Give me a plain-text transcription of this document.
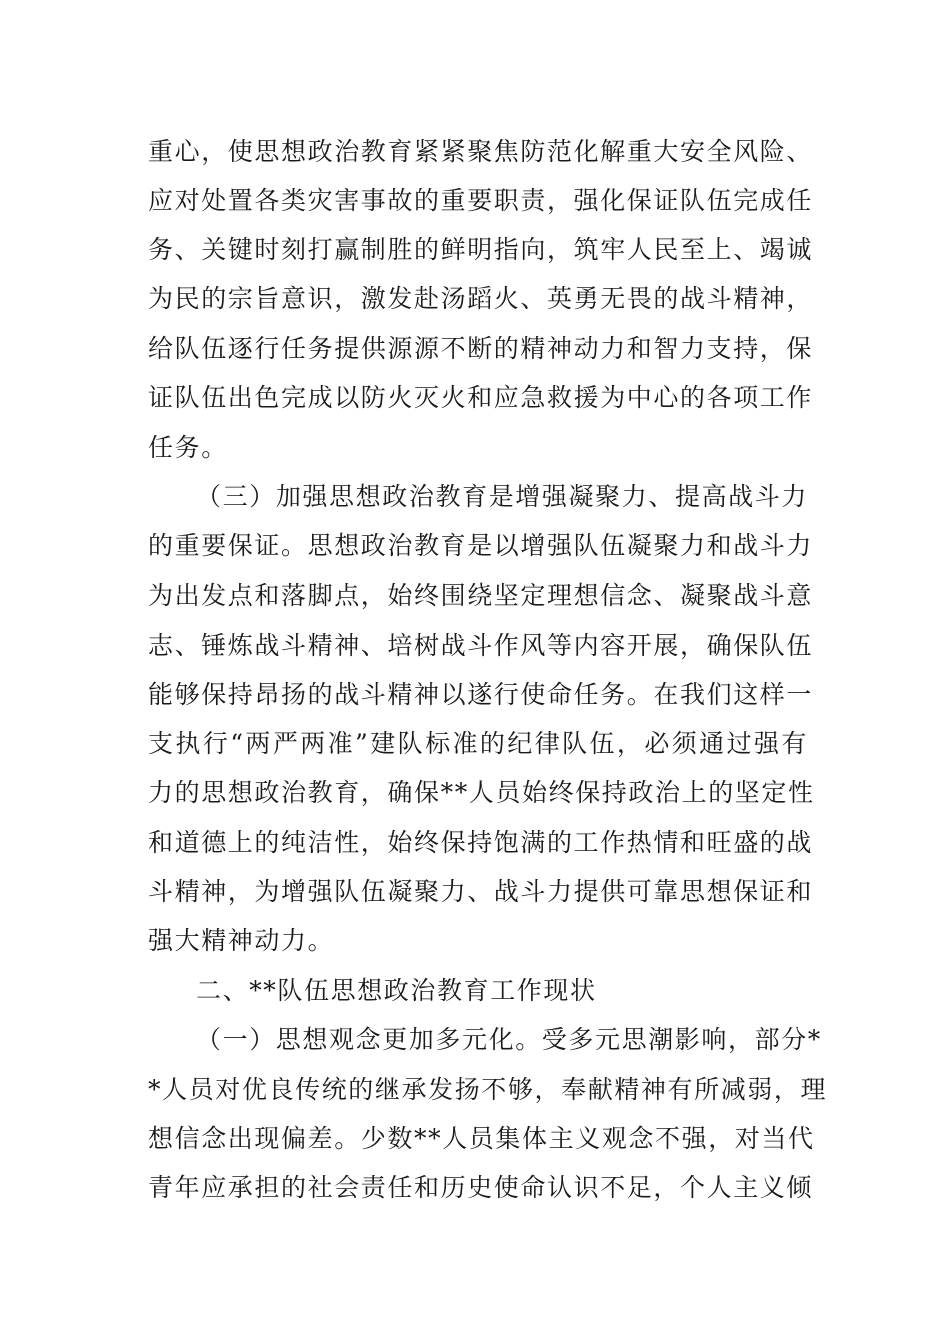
重心，使思想政治教育紧紧聚焦防范化解重大安全风险、
应对处置各类灾害事故的重要职责，强化保证队伍完成任
务、关键时刻打赢制胜的鲜明指向，筑牢人民至上、竭诚
为民的宗旨意识，激发赴汤蹈火、英勇无畏的战斗精神，
给队伍逐行任务提供源源不断的精神动力和智力支持，保
证队伍出色完成以防火灭火和应急救援为中心的各项工作
任务。
（三）加强思想政治教育是增强凝聚力、提高战斗力
的重要保证。思想政治教育是以增强队伍凝聚力和战斗力
为出发点和落脚点，始终围绕坚定理想信念、凝聚战斗意
志、锤炼战斗精神、培树战斗作风等内容开展，确保队伍
能够保持昂扬的战斗精神以遂行使命任务。在我们这样一
支执行“两严两准”建队标准的纪律队伍，必须通过强有
力的思想政治教育，确保**人员始终保持政治上的坚定性
和道德上的纯洁性，始终保持饱满的工作热情和旺盛的战
斗精神，为增强队伍凝聚力、战斗力提供可靠思想保证和
强大精神动力。
二、**队伍思想政治教育工作现状
（一）思想观念更加多元化。受多元思潮影响，部分*
*人员对优良传统的继承发扬不够，奉献精神有所减弱，理
想信念出现偏差。少数**人员集体主义观念不强，对当代
青年应承担的社会责任和历史使命认识不足，个人主义倾
